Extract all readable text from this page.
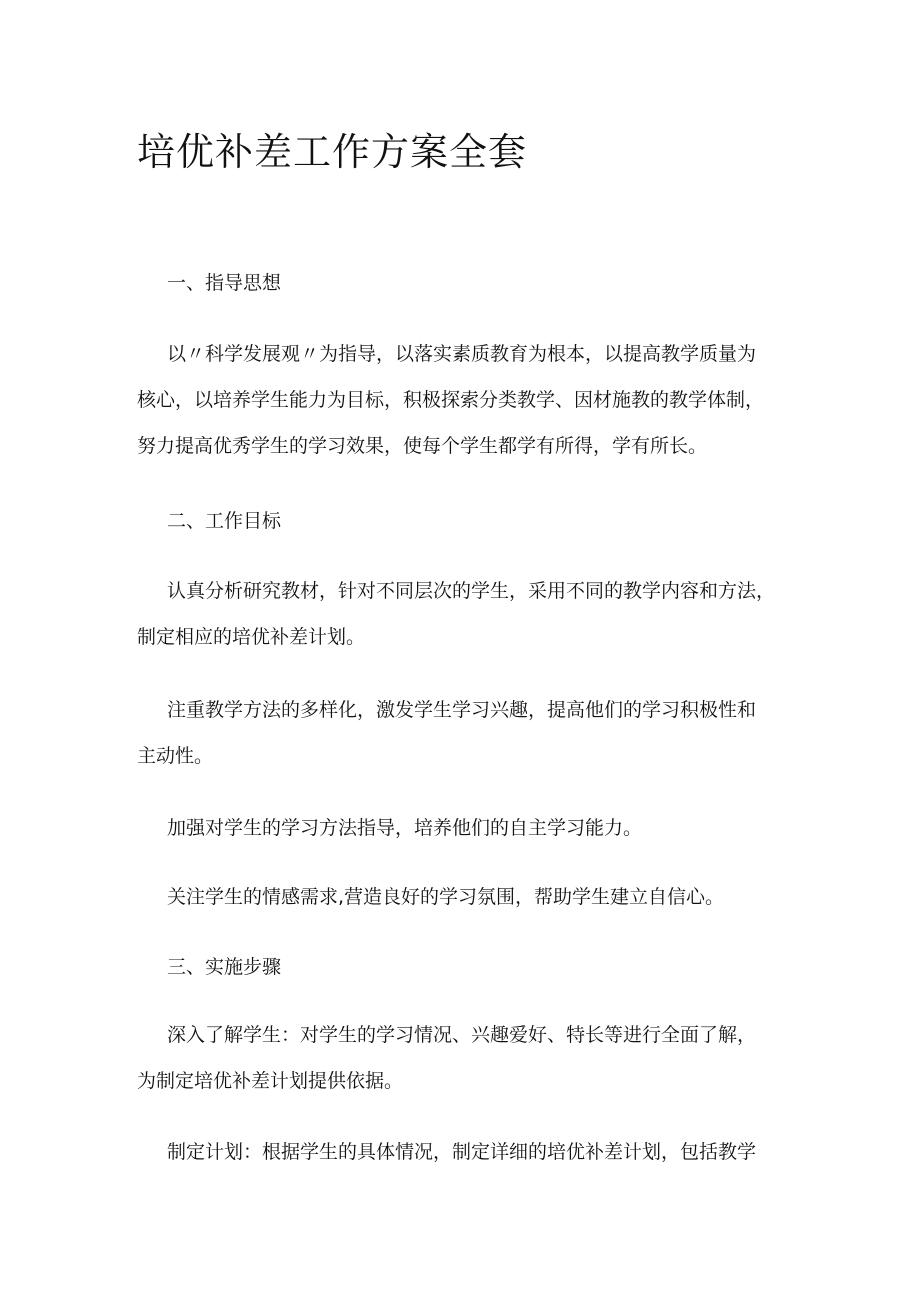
培优补差工作方案全套

一、指导思想

以〃科学发展观〃为指导，以落实素质教育为根本，以提高教学质量为

核心，以培养学生能力为目标，积极探索分类教学、因材施教的教学体制，

努力提高优秀学生的学习效果，使每个学生都学有所得，学有所长。

二、工作目标

认真分析研究教材，针对不同层次的学生，采用不同的教学内容和方法，

制定相应的培优补差计划。

注重教学方法的多样化，激发学生学习兴趣，提高他们的学习积极性和

主动性。

加强对学生的学习方法指导，培养他们的自主学习能力。

关注学生的情感需求,营造良好的学习氛围，帮助学生建立自信心。

三、实施步骤

深入了解学生：对学生的学习情况、兴趣爱好、特长等进行全面了解，

为制定培优补差计划提供依据。

制定计划：根据学生的具体情况，制定详细的培优补差计划，包括教学
